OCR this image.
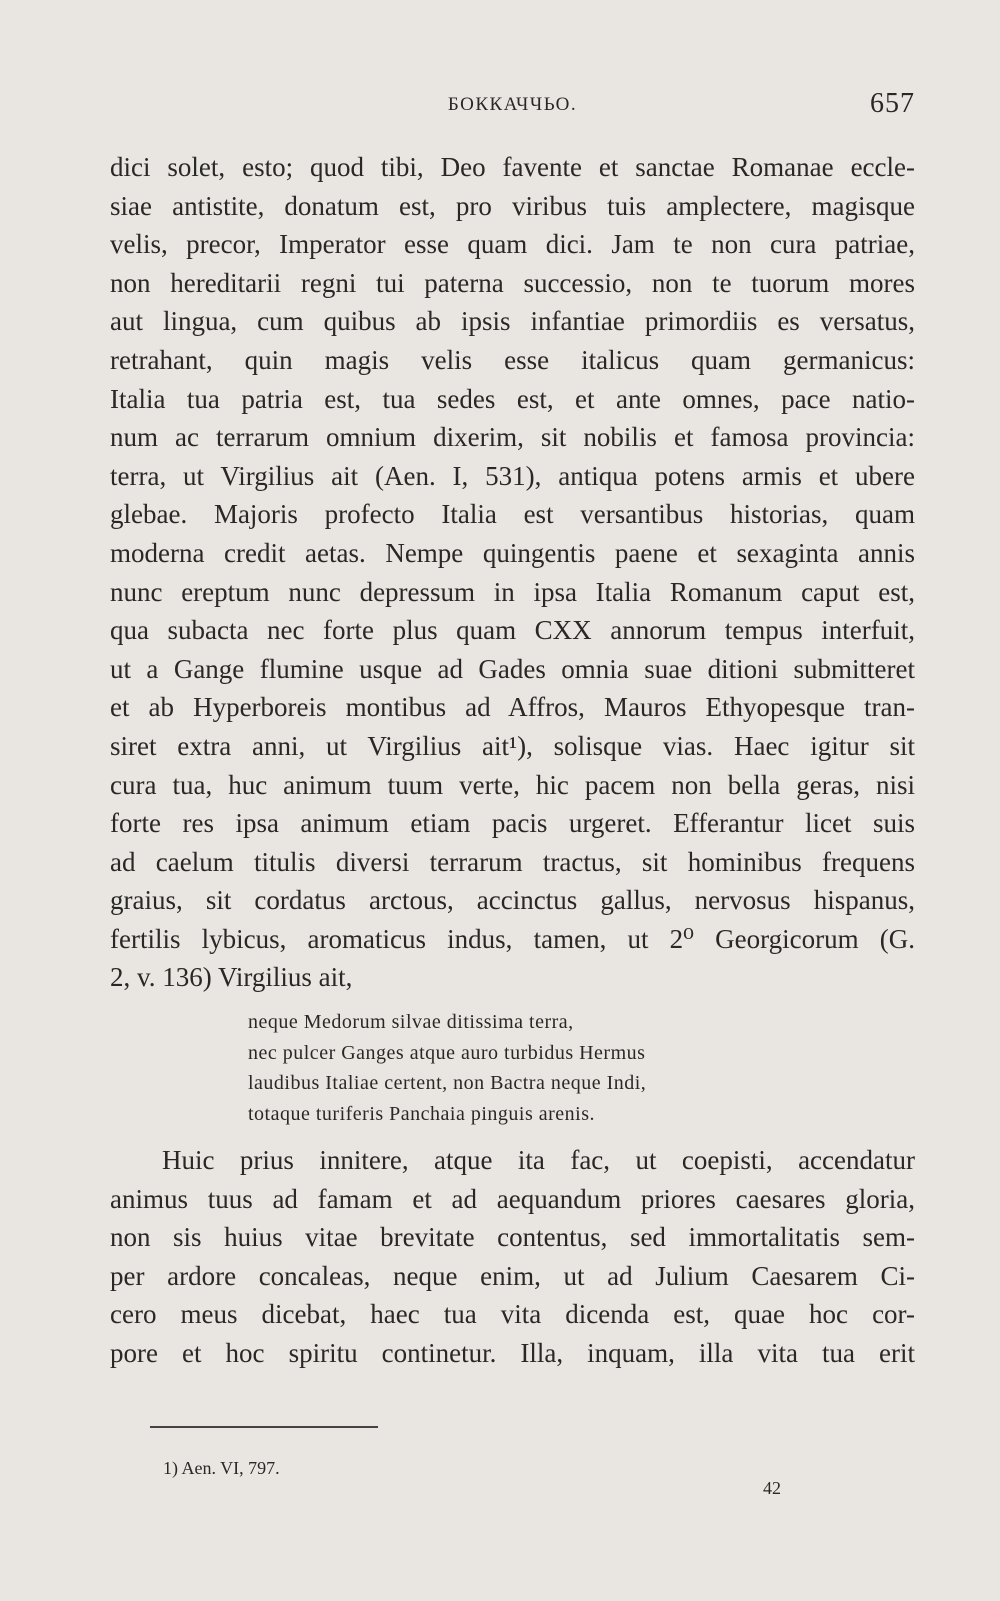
БОККАЧЧЬО.	657
dici solet, esto; quod tibi, Deo favente et sanctae Romanae eccle-
siae antistite, donatum est, pro viribus tuis amplectere, magisque
velis, precor, Imperator esse quam dici. Jam te non cura patriae,
non hereditarii regni tui paterna successio, non te tuorum mores
aut lingua, cum quibus ab ipsis infantiae primordiis es versatus,
retrahant, quin magis velis esse italicus quam germanicus:
Italia tua patria est, tua sedes est, et ante omnes, pace natio-
num ac terrarum omnium dixerim, sit nobilis et famosa provincia:
terra, ut Virgilius ait (Aen. I, 531), antiqua potens armis et ubere
glebae. Majoris profecto Italia est versantibus historias, quam
moderna credit aetas. Nempe quingentis paene et sexaginta annis
nunc ereptum nunc depressum in ipsa Italia Romanum caput est,
qua subacta nec forte plus quam CXX annorum tempus interfuit,
ut a Gange flumine usque ad Gades omnia suae ditioni submitteret
et ab Hyperboreis montibus ad Affros, Mauros Ethyopesque tran-
siret extra anni, ut Virgilius ait¹), solisque vias. Haec igitur sit
cura tua, huc animum tuum verte, hic pacem non bella geras, nisi
forte res ipsa animum etiam pacis urgeret. Efferantur licet suis
ad caelum titulis diversi terrarum tractus, sit hominibus frequens
graius, sit cordatus arctous, accinctus gallus, nervosus hispanus,
fertilis lybicus, aromaticus indus, tamen, ut 2⁰ Georgicorum (G.
2, v. 136) Virgilius ait,
neque Medorum silvae ditissima terra,
nec pulcer Ganges atque auro turbidus Hermus
laudibus Italiae certent, non Bactra neque Indi,
totaque turiferis Panchaia pinguis arenis.
Huic prius innitere, atque ita fac, ut coepisti, accendatur
animus tuus ad famam et ad aequandum priores caesares gloria,
non sis huius vitae brevitate contentus, sed immortalitatis sem-
per ardore concaleas, neque enim, ut ad Julium Caesarem Ci-
cero meus dicebat, haec tua vita dicenda est, quae hoc cor-
pore et hoc spiritu continetur. Illa, inquam, illa vita tua erit
1) Aen. VI, 797.
42
